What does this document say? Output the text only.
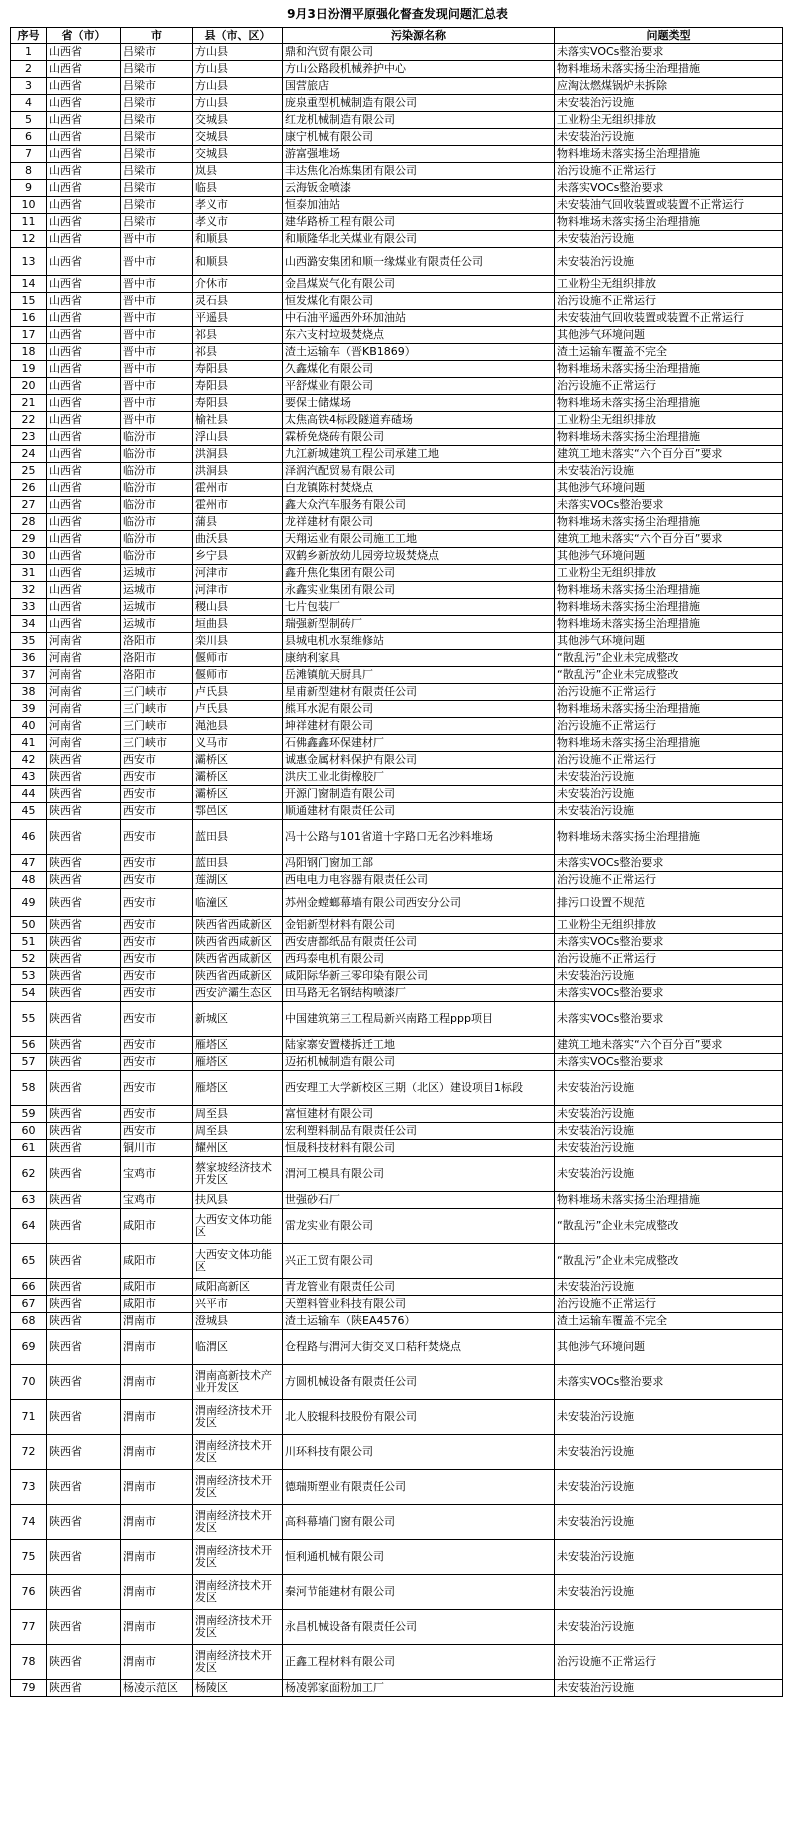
9月3日汾渭平原强化督查发现问题汇总表
序号	省（市）	市	县（市、区）	污染源名称	问题类型
1	山西省	吕梁市	方山县	鼎和汽贸有限公司	未落实VOCs整治要求
2	山西省	吕梁市	方山县	方山公路段机械养护中心	物料堆场未落实扬尘治理措施
3	山西省	吕梁市	方山县	国营旅店	应淘汰燃煤锅炉未拆除
4	山西省	吕梁市	方山县	庞泉重型机械制造有限公司	未安装治污设施
5	山西省	吕梁市	交城县	红龙机械制造有限公司	工业粉尘无组织排放
6	山西省	吕梁市	交城县	康宁机械有限公司	未安装治污设施
7	山西省	吕梁市	交城县	游富强堆场	物料堆场未落实扬尘治理措施
8	山西省	吕梁市	岚县	丰达焦化冶炼集团有限公司	治污设施不正常运行
9	山西省	吕梁市	临县	云海钣金喷漆	未落实VOCs整治要求
10	山西省	吕梁市	孝义市	恒泰加油站	未安装油气回收装置或装置不正常运行
11	山西省	吕梁市	孝义市	建华路桥工程有限公司	物料堆场未落实扬尘治理措施
12	山西省	晋中市	和顺县	和顺隆华北关煤业有限公司	未安装治污设施
13	山西省	晋中市	和顺县	山西潞安集团和顺一缘煤业有限责任公司	未安装治污设施
14	山西省	晋中市	介休市	金昌煤炭气化有限公司	工业粉尘无组织排放
15	山西省	晋中市	灵石县	恒发煤化有限公司	治污设施不正常运行
16	山西省	晋中市	平遥县	中石油平遥西外环加油站	未安装油气回收装置或装置不正常运行
17	山西省	晋中市	祁县	东六支村垃圾焚烧点	其他涉气环境问题
18	山西省	晋中市	祁县	渣土运输车（晋KB1869）	渣土运输车覆盖不完全
19	山西省	晋中市	寿阳县	久鑫煤化有限公司	物料堆场未落实扬尘治理措施
20	山西省	晋中市	寿阳县	平舒煤业有限公司	治污设施不正常运行
21	山西省	晋中市	寿阳县	要保士储煤场	物料堆场未落实扬尘治理措施
22	山西省	晋中市	榆社县	太焦高铁4标段隧道弃碴场	工业粉尘无组织排放
23	山西省	临汾市	浮山县	霖桥免烧砖有限公司	物料堆场未落实扬尘治理措施
24	山西省	临汾市	洪洞县	九江新城建筑工程公司承建工地	建筑工地未落实“六个百分百”要求
25	山西省	临汾市	洪洞县	泽润汽配贸易有限公司	未安装治污设施
26	山西省	临汾市	霍州市	白龙镇陈村焚烧点	其他涉气环境问题
27	山西省	临汾市	霍州市	鑫大众汽车服务有限公司	未落实VOCs整治要求
28	山西省	临汾市	蒲县	龙祥建材有限公司	物料堆场未落实扬尘治理措施
29	山西省	临汾市	曲沃县	天翔运业有限公司施工工地	建筑工地未落实“六个百分百”要求
30	山西省	临汾市	乡宁县	双鹤乡新放幼儿园旁垃圾焚烧点	其他涉气环境问题
31	山西省	运城市	河津市	鑫升焦化集团有限公司	工业粉尘无组织排放
32	山西省	运城市	河津市	永鑫实业集团有限公司	物料堆场未落实扬尘治理措施
33	山西省	运城市	稷山县	七片包装厂	物料堆场未落实扬尘治理措施
34	山西省	运城市	垣曲县	瑞强新型制砖厂	物料堆场未落实扬尘治理措施
35	河南省	洛阳市	栾川县	县城电机水泵维修站	其他涉气环境问题
36	河南省	洛阳市	偃师市	康纳利家具	“散乱污”企业未完成整改
37	河南省	洛阳市	偃师市	岳滩镇航天厨具厂	“散乱污”企业未完成整改
38	河南省	三门峡市	卢氏县	星甫新型建材有限责任公司	治污设施不正常运行
39	河南省	三门峡市	卢氏县	熊耳水泥有限公司	物料堆场未落实扬尘治理措施
40	河南省	三门峡市	渑池县	坤祥建材有限公司	治污设施不正常运行
41	河南省	三门峡市	义马市	石佛鑫鑫环保建材厂	物料堆场未落实扬尘治理措施
42	陕西省	西安市	灞桥区	诚惠金属材料保护有限公司	治污设施不正常运行
43	陕西省	西安市	灞桥区	洪庆工业北街橡胶厂	未安装治污设施
44	陕西省	西安市	灞桥区	开源门窗制造有限公司	未安装治污设施
45	陕西省	西安市	鄠邑区	顺通建材有限责任公司	未安装治污设施
46	陕西省	西安市	蓝田县	冯十公路与101省道十字路口无名沙料堆场	物料堆场未落实扬尘治理措施
47	陕西省	西安市	蓝田县	冯阳钢门窗加工部	未落实VOCs整治要求
48	陕西省	西安市	莲湖区	西电电力电容器有限责任公司	治污设施不正常运行
49	陕西省	西安市	临潼区	苏州金螳螂幕墙有限公司西安分公司	排污口设置不规范
50	陕西省	西安市	陕西省西咸新区	金铝新型材料有限公司	工业粉尘无组织排放
51	陕西省	西安市	陕西省西咸新区	西安唐都纸品有限责任公司	未落实VOCs整治要求
52	陕西省	西安市	陕西省西咸新区	西玛泰电机有限公司	治污设施不正常运行
53	陕西省	西安市	陕西省西咸新区	咸阳际华新三零印染有限公司	未安装治污设施
54	陕西省	西安市	西安浐灞生态区	田马路无名钢结构喷漆厂	未落实VOCs整治要求
55	陕西省	西安市	新城区	中国建筑第三工程局新兴南路工程ppp项目	未落实VOCs整治要求
56	陕西省	西安市	雁塔区	陆家寨安置楼拆迁工地	建筑工地未落实“六个百分百”要求
57	陕西省	西安市	雁塔区	迈拓机械制造有限公司	未落实VOCs整治要求
58	陕西省	西安市	雁塔区	西安理工大学新校区三期（北区）建设项目1标段	未安装治污设施
59	陕西省	西安市	周至县	富恒建材有限公司	未安装治污设施
60	陕西省	西安市	周至县	宏利塑料制品有限责任公司	未安装治污设施
61	陕西省	铜川市	耀州区	恒晟科技材料有限公司	未安装治污设施
62	陕西省	宝鸡市	蔡家坡经济技术开发区	渭河工模具有限公司	未安装治污设施
63	陕西省	宝鸡市	扶风县	世强砂石厂	物料堆场未落实扬尘治理措施
64	陕西省	咸阳市	大西安文体功能区	雷龙实业有限公司	“散乱污”企业未完成整改
65	陕西省	咸阳市	大西安文体功能区	兴正工贸有限公司	“散乱污”企业未完成整改
66	陕西省	咸阳市	咸阳高新区	青龙管业有限责任公司	未安装治污设施
67	陕西省	咸阳市	兴平市	天塑料管业科技有限公司	治污设施不正常运行
68	陕西省	渭南市	澄城县	渣土运输车（陕EA4576）	渣土运输车覆盖不完全
69	陕西省	渭南市	临渭区	仓程路与渭河大街交叉口秸秆焚烧点	其他涉气环境问题
70	陕西省	渭南市	渭南高新技术产业开发区	方圆机械设备有限责任公司	未落实VOCs整治要求
71	陕西省	渭南市	渭南经济技术开发区	北人胶辊科技股份有限公司	未安装治污设施
72	陕西省	渭南市	渭南经济技术开发区	川环科技有限公司	未安装治污设施
73	陕西省	渭南市	渭南经济技术开发区	德瑞斯塑业有限责任公司	未安装治污设施
74	陕西省	渭南市	渭南经济技术开发区	高科幕墙门窗有限公司	未安装治污设施
75	陕西省	渭南市	渭南经济技术开发区	恒利通机械有限公司	未安装治污设施
76	陕西省	渭南市	渭南经济技术开发区	秦河节能建材有限公司	未安装治污设施
77	陕西省	渭南市	渭南经济技术开发区	永昌机械设备有限责任公司	未安装治污设施
78	陕西省	渭南市	渭南经济技术开发区	正鑫工程材料有限公司	治污设施不正常运行
79	陕西省	杨凌示范区	杨陵区	杨凌郭家面粉加工厂	未安装治污设施
